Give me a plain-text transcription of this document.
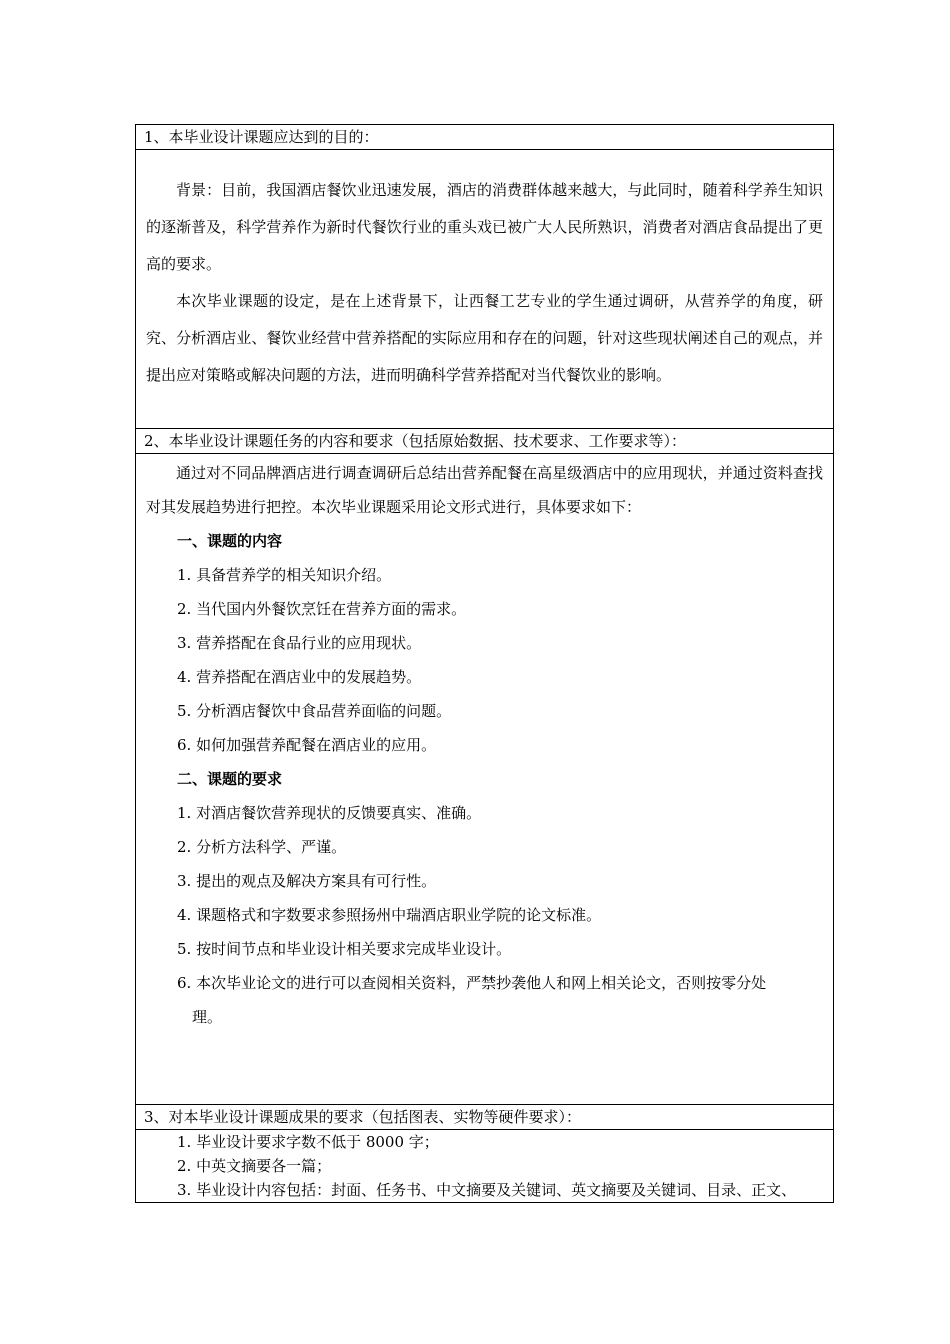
1、本毕业设计课题应达到的目的：

背景：目前，我国酒店餐饮业迅速发展，酒店的消费群体越来越大，与此同时，随着科学养生知识的逐渐普及，科学营养作为新时代餐饮行业的重头戏已被广大人民所熟识，消费者对酒店食品提出了更高的要求。

本次毕业课题的设定，是在上述背景下，让西餐工艺专业的学生通过调研，从营养学的角度，研究、分析酒店业、餐饮业经营中营养搭配的实际应用和存在的问题，针对这些现状阐述自己的观点，并提出应对策略或解决问题的方法，进而明确科学营养搭配对当代餐饮业的影响。

2、本毕业设计课题任务的内容和要求（包括原始数据、技术要求、工作要求等）：

通过对不同品牌酒店进行调查调研后总结出营养配餐在高星级酒店中的应用现状，并通过资料查找对其发展趋势进行把控。本次毕业课题采用论文形式进行，具体要求如下：

一、课题的内容

1. 具备营养学的相关知识介绍。

2. 当代国内外餐饮烹饪在营养方面的需求。

3. 营养搭配在食品行业的应用现状。

4. 营养搭配在酒店业中的发展趋势。

5. 分析酒店餐饮中食品营养面临的问题。

6. 如何加强营养配餐在酒店业的应用。

二、课题的要求

1. 对酒店餐饮营养现状的反馈要真实、准确。

2. 分析方法科学、严谨。

3. 提出的观点及解决方案具有可行性。

4. 课题格式和字数要求参照扬州中瑞酒店职业学院的论文标准。

5. 按时间节点和毕业设计相关要求完成毕业设计。

6. 本次毕业论文的进行可以查阅相关资料，严禁抄袭他人和网上相关论文，否则按零分处

理。

3、对本毕业设计课题成果的要求（包括图表、实物等硬件要求）：

1. 毕业设计要求字数不低于 8000 字；

2. 中英文摘要各一篇；

3. 毕业设计内容包括：封面、任务书、中文摘要及关键词、英文摘要及关键词、目录、正文、
